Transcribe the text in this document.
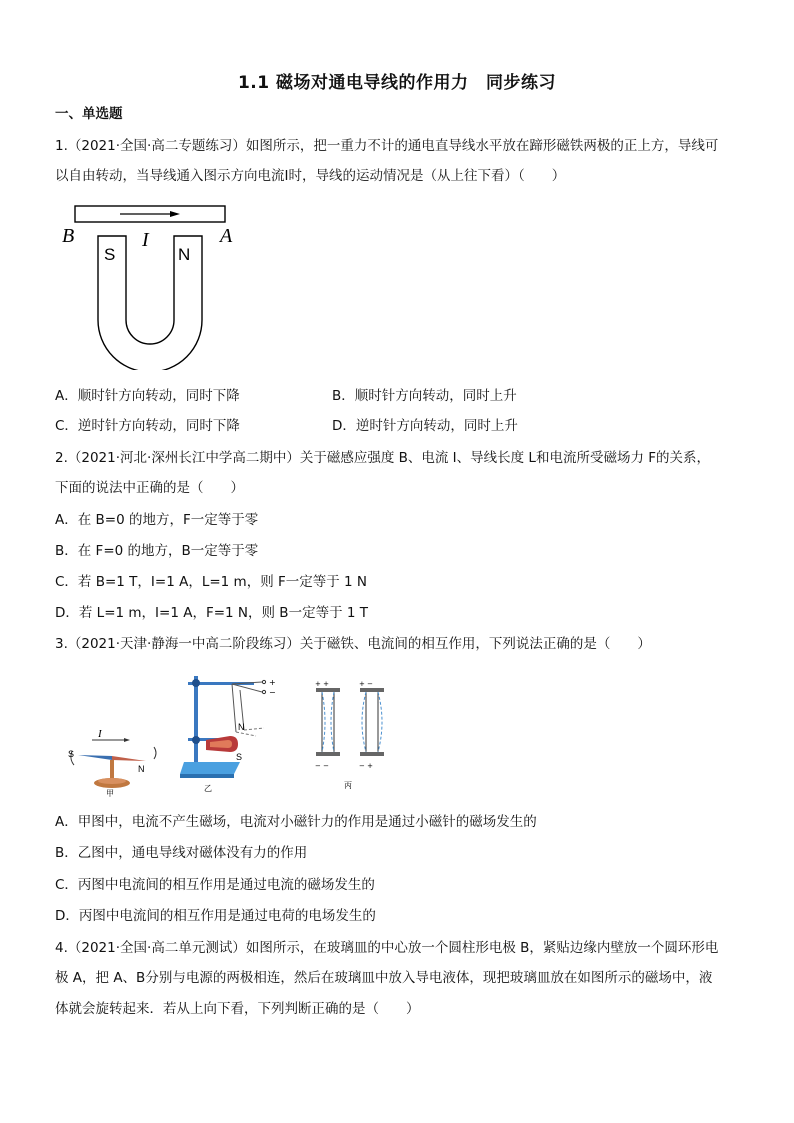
1.1 磁场对通电导线的作用力　同步练习
一、单选题
1.（2021·全国·高二专题练习）如图所示，把一重力不计的通电直导线水平放在蹄形磁铁两极的正上方，导线可
以自由转动，当导线通入图示方向电流I时，导线的运动情况是（从上往下看）（　　）
B	A
I
S	N
A．顺时针方向转动，同时下降	B．顺时针方向转动，同时上升
C．逆时针方向转动，同时下降	D．逆时针方向转动，同时上升
2.（2021·河北·深州长江中学高二期中）关于磁感应强度 B、电流 I、导线长度 L和电流所受磁场力 F的关系，
下面的说法中正确的是（　　）
A．在 B=0 的地方，F一定等于零
B．在 F=0 的地方，B一定等于零
C．若 B=1 T，I=1 A，L=1 m，则 F一定等于 1 N
D．若 L=1 m，I=1 A，F=1 N，则 B一定等于 1 T
3.（2021·天津·静海一中高二阶段练习）关于磁铁、电流间的相互作用，下列说法正确的是（　　）
I
S
N
甲
+
−
N
S
乙
+ +
− −
+ −
− +
丙
A．甲图中，电流不产生磁场，电流对小磁针力的作用是通过小磁针的磁场发生的
B．乙图中，通电导线对磁体没有力的作用
C．丙图中电流间的相互作用是通过电流的磁场发生的
D．丙图中电流间的相互作用是通过电荷的电场发生的
4.（2021·全国·高二单元测试）如图所示，在玻璃皿的中心放一个圆柱形电极 B，紧贴边缘内壁放一个圆环形电
极 A，把 A、B分别与电源的两极相连，然后在玻璃皿中放入导电液体，现把玻璃皿放在如图所示的磁场中，液
体就会旋转起来．若从上向下看，下列判断正确的是（　　）
